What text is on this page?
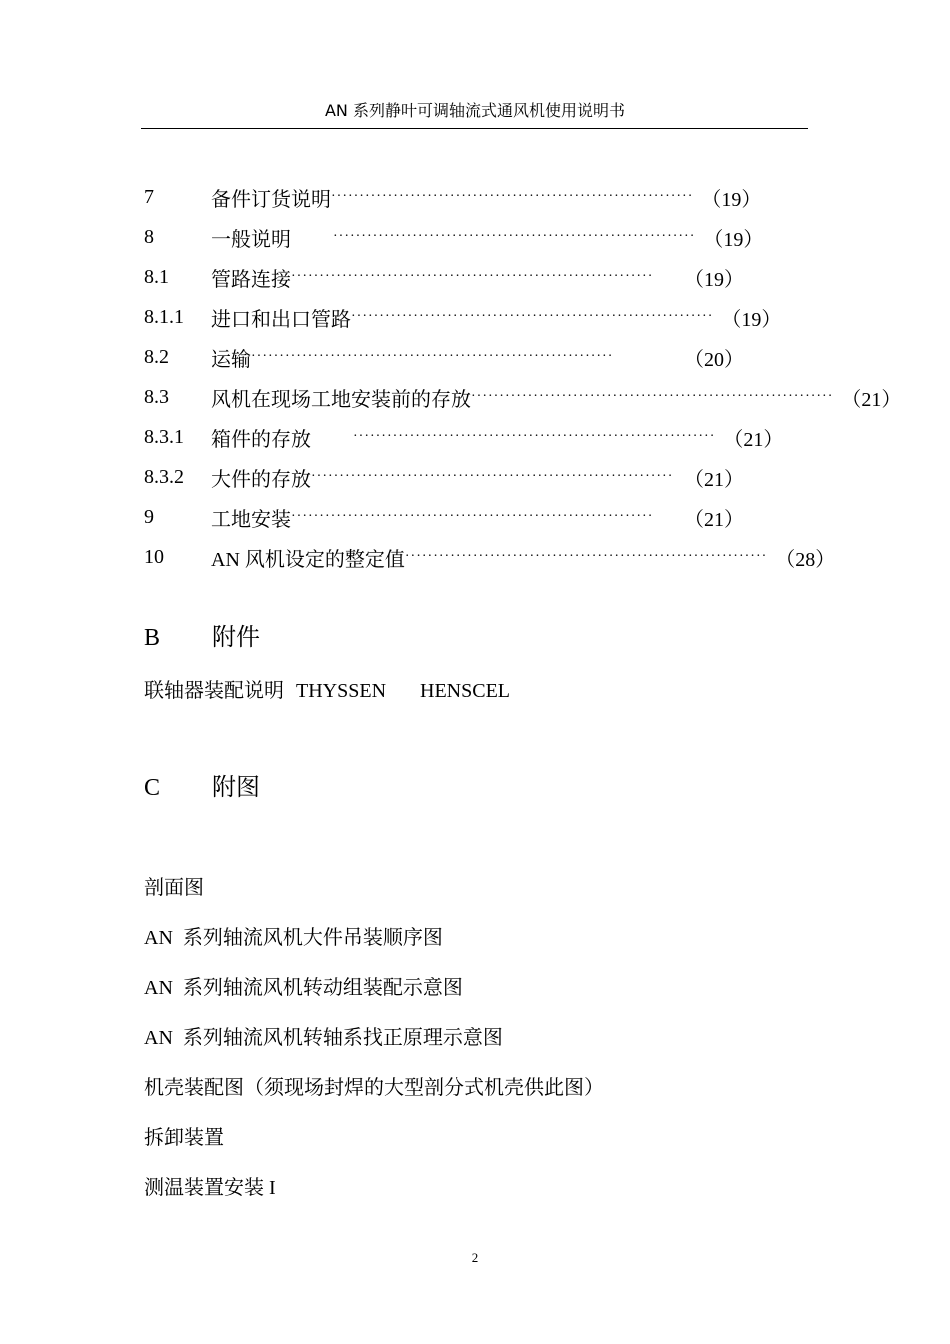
AN 系列静叶可调轴流式通风机使用说明书
7	备件订货说明 ································································ （19）
8	一般说明	································································ （19）
8.1	管路连接 ································································	（19）
8.1.1	进口和出口管路 ································································ （19）
8.2	运输 ································································	（20）
8.3	风机在现场工地安装前的存放 ································································ （21）
8.3.1	箱件的存放	································································ （21）
8.3.2	大件的存放 ································································ （21）
9	工地安装 ································································	（21）
10	AN 风机设定的整定值 ································································ （28）
B 附件
联轴器装配说明 THYSSEN HENSCEL
C 附图
剖面图
AN  系列轴流风机大件吊装顺序图
AN  系列轴流风机转动组装配示意图
AN  系列轴流风机转轴系找正原理示意图
机壳装配图（须现场封焊的大型剖分式机壳供此图）
拆卸装置
测温装置安装 I
2
